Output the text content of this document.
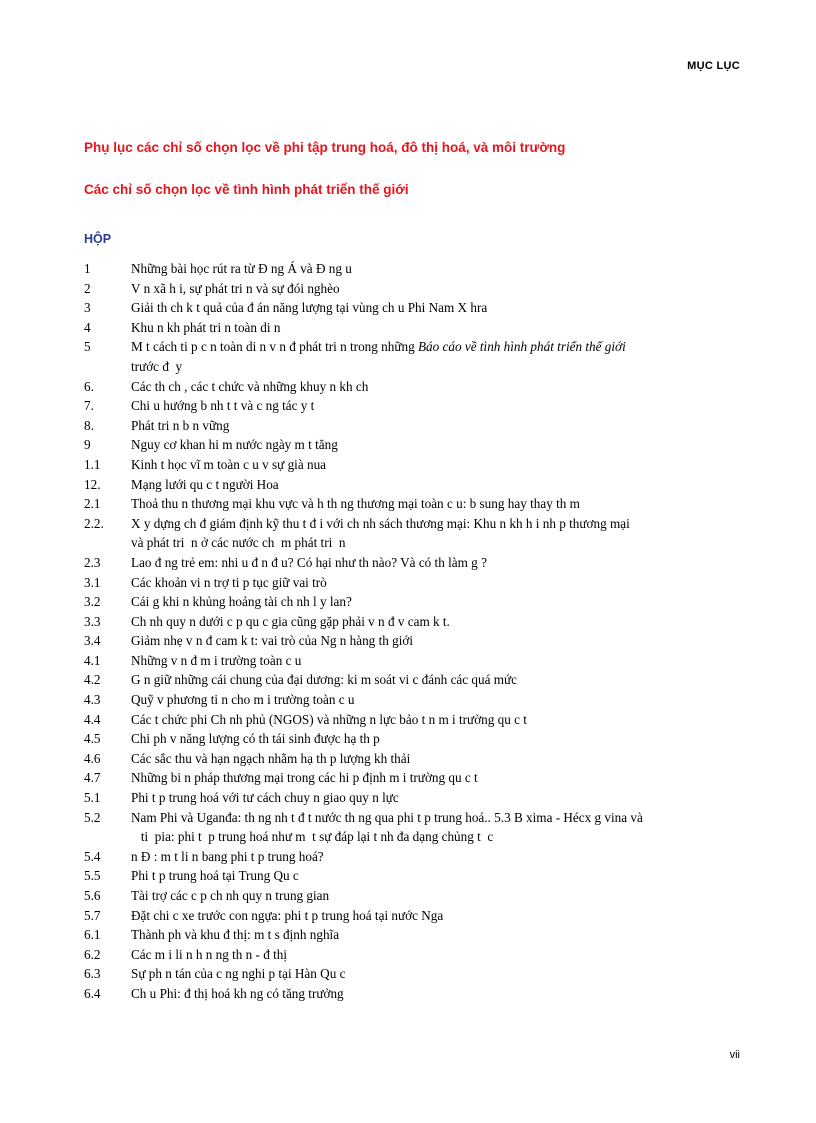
MỤC LỤC
Phụ lục các chỉ số chọn lọc về phi tập trung hoá, đô thị hoá, và môi trường
Các chỉ số chọn lọc về tình hình phát triển thế giới
HỘP
1	Những bài học rút ra từ Đ ng Á và Đ ng u
2	V n xã h i, sự phát tri n và sự đói nghèo
3	Giải th ch k t quả của đ án năng lượng tại vùng ch u Phi Nam X hra
4	Khu n kh phát tri n toàn di n
5	M t cách ti p c n toàn di n v n đ phát tri n trong những Báo cáo về tình hình phát triển thế giới
trước đ  y
6.	Các th ch , các t chức và những khuy n kh ch
7.	Chi u hướng b nh t t và c ng tác y t
8.	Phát tri n b n vững
9	Nguy cơ khan hi m nước ngày m t tăng
1.1	Kinh t học vĩ m toàn c u v sự già nua
12.	Mạng lưới qu c t người Hoa
2.1	Thoả thu n thương mại khu vực và h th ng thương mại toàn c u: b sung hay thay th m
2.2.	X y dựng ch đ giám định kỹ thu t đ i với ch nh sách thương mại: Khu n kh h i nh p thương mại
và phát tri  n ở các nước ch  m phát tri  n
2.3	Lao đ ng trẻ em: nhi u đ n đ u? Có hại như th nào? Và có th làm g ?
3.1	Các khoản vi n trợ ti p tục giữ vai trò
3.2	Cái g khi n khủng hoảng tài ch nh l y lan?
3.3	Ch nh quy n dưới c p qu c gia cũng gặp phải v n đ v cam k t.
3.4	Giảm nhẹ v n đ cam k t: vai trò của Ng n hàng th giới
4.1	Những v n đ m i trường toàn c u
4.2	G n giữ những cái chung của đại dương: ki m soát vi c đánh các quá mức
4.3	Quỹ v phương ti n cho m i trường toàn c u
4.4	Các t chức phi Ch nh phủ (NGOS) và những n lực bảo t n m i trường qu c t
4.5	Chi ph v năng lượng có th tái sinh được hạ th p
4.6	Các sắc thu và hạn ngạch nhằm hạ th p lượng kh thải
4.7	Những bi n pháp thương mại trong các hi p định m i trường qu c t
5.1	Phi t p trung hoá với tư cách chuy n giao quy n lực
5.2	Nam Phi và Uganđa: th ng nh t đ t nước th ng qua phi t p trung hoá.. 5.3 B xima - Hécx g vina và
ti  pia: phi t  p trung hoá như m  t sự đáp lại t nh đa dạng chủng t  c
5.4	n Đ : m t li n bang phi t p trung hoá?
5.5	Phi t p trung hoá tại Trung Qu c
5.6	Tài trợ các c p ch nh quy n trung gian
5.7	Đặt chi c xe trước con ngựa: phi t p trung hoá tại nước Nga
6.1	Thành ph và khu đ thị: m t s định nghĩa
6.2	Các m i li n h n ng th n - đ thị
6.3	Sự ph n tán của c ng nghi p tại Hàn Qu c
6.4	Ch u Phi: đ thị hoá kh ng có tăng trưởng
vii
